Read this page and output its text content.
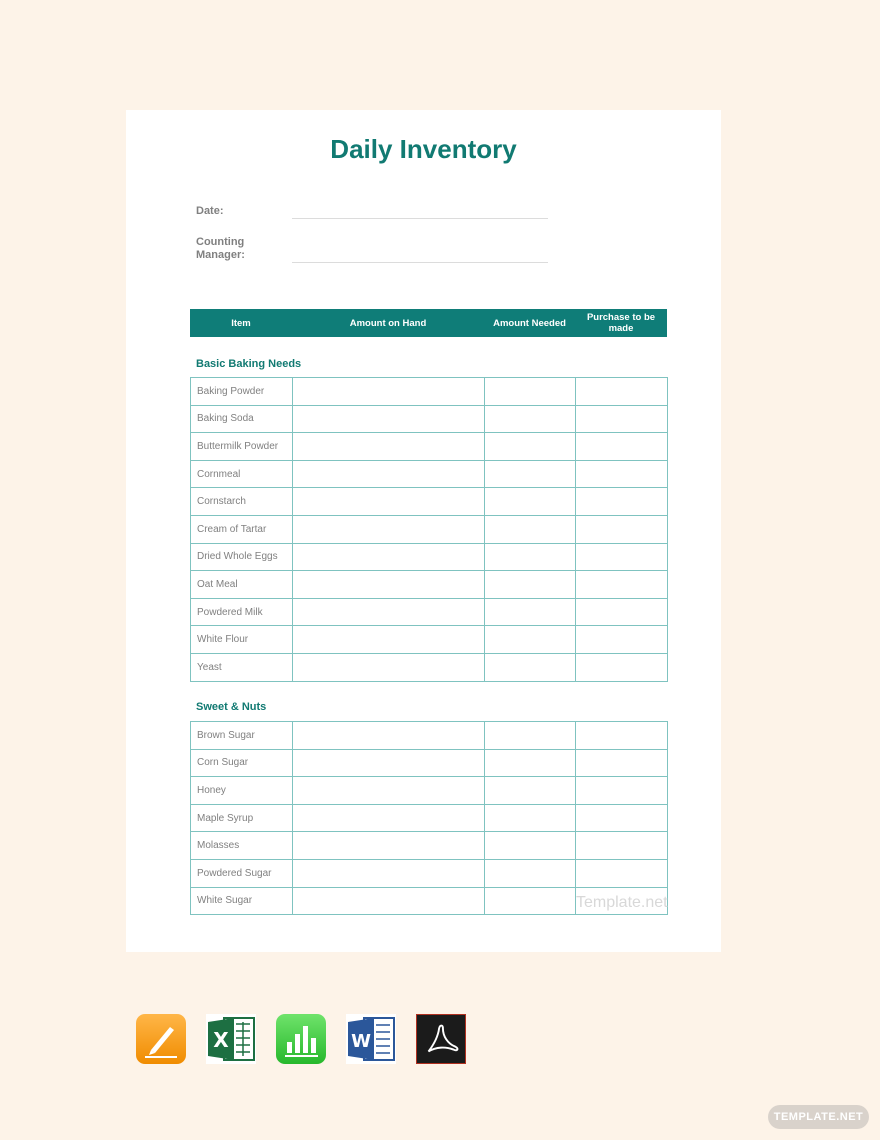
Daily Inventory
Date:
Counting Manager:
Item	Amount on Hand	Amount Needed	Purchase to be made
Basic Baking Needs
Baking Powder			
Baking Soda			
Buttermilk Powder			
Cornmeal			
Cornstarch			
Cream of Tartar			
Dried Whole Eggs			
Oat Meal			
Powdered Milk			
White Flour			
Yeast			
Sweet & Nuts
Brown Sugar			
Corn Sugar			
Honey			
Maple Syrup			
Molasses			
Powdered Sugar			
White Sugar				Template.net
X	W
TEMPLATE.NET
